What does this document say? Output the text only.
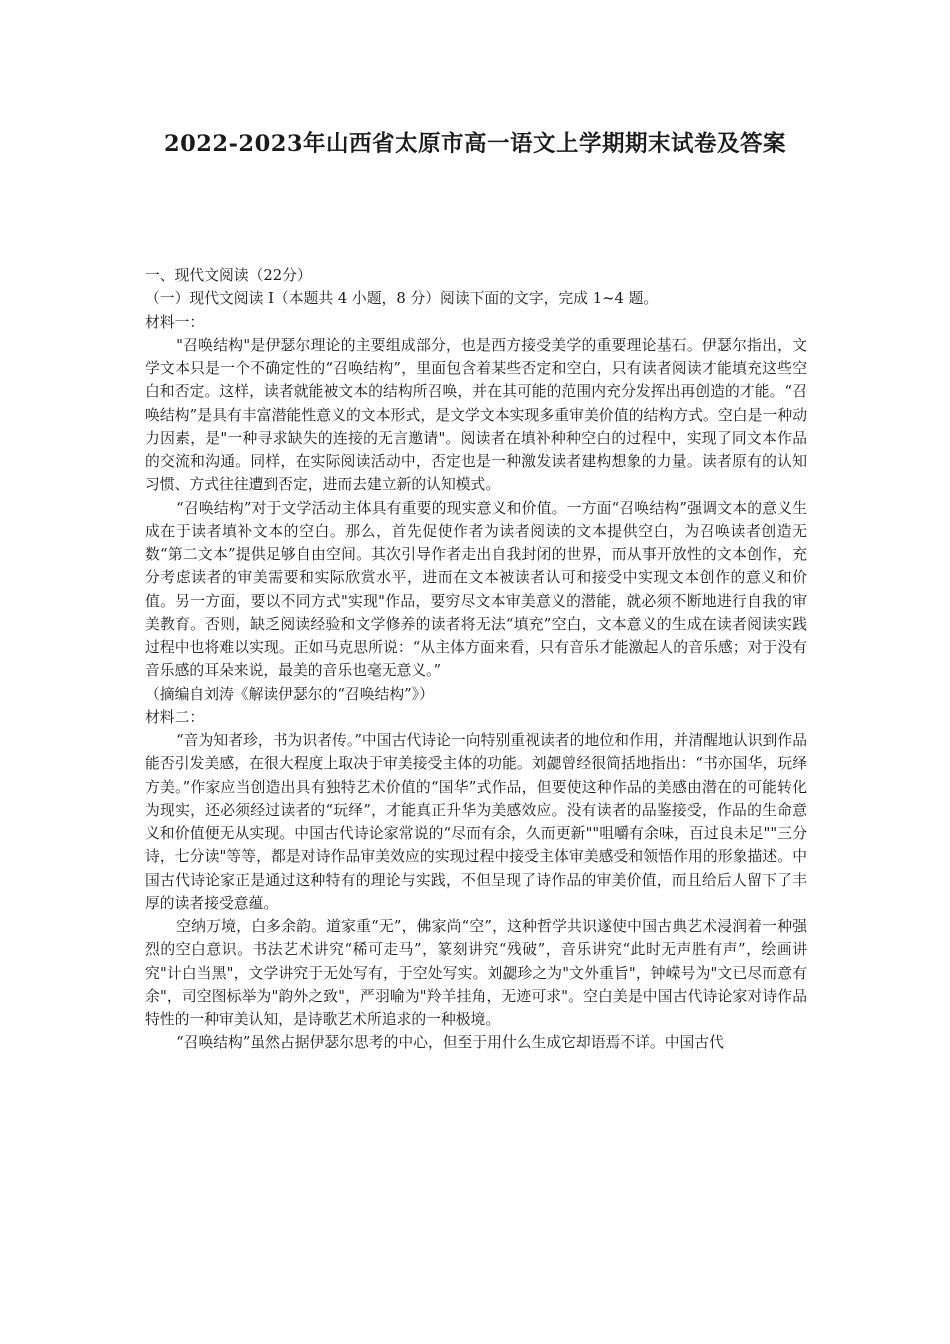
2022-2023年山西省太原市高一语文上学期期末试卷及答案

一、现代文阅读（22分）

（一）现代文阅读 I（本题共 4 小题，8 分）阅读下面的文字，完成 1~4 题。

材料一：

"召唤结构"是伊瑟尔理论的主要组成部分，也是西方接受美学的重要理论基石。伊瑟尔指出，文学文本只是一个不确定性的“召唤结构”，里面包含着某些否定和空白，只有读者阅读才能填充这些空白和否定。这样，读者就能被文本的结构所召唤，并在其可能的范围内充分发挥出再创造的才能。“召唤结构”是具有丰富潜能性意义的文本形式，是文学文本实现多重审美价值的结构方式。空白是一种动力因素，是"一种寻求缺失的连接的无言邀请"。阅读者在填补种种空白的过程中，实现了同文本作品的交流和沟通。同样，在实际阅读活动中，否定也是一种激发读者建构想象的力量。读者原有的认知习惯、方式往往遭到否定，进而去建立新的认知模式。

“召唤结构”对于文学活动主体具有重要的现实意义和价值。一方面“召唤结构”强调文本的意义生成在于读者填补文本的空白。那么，首先促使作者为读者阅读的文本提供空白，为召唤读者创造无数“第二文本”提供足够自由空间。其次引导作者走出自我封闭的世界，而从事开放性的文本创作，充分考虑读者的审美需要和实际欣赏水平，进而在文本被读者认可和接受中实现文本创作的意义和价值。另一方面，要以不同方式"实现"作品，要穷尽文本审美意义的潜能，就必须不断地进行自我的审美教育。否则，缺乏阅读经验和文学修养的读者将无法“填充”空白，文本意义的生成在读者阅读实践过程中也将难以实现。正如马克思所说：“从主体方面来看，只有音乐才能激起人的音乐感；对于没有音乐感的耳朵来说，最美的音乐也毫无意义。”

（摘编自刘涛《解读伊瑟尔的“召唤结构”》）

材料二：

“音为知者珍，书为识者传。”中国古代诗论一向特别重视读者的地位和作用，并清醒地认识到作品能否引发美感，在很大程度上取决于审美接受主体的功能。刘勰曾经很简括地指出：“书亦国华，玩绎方美。”作家应当创造出具有独特艺术价值的“国华”式作品，但要使这种作品的美感由潜在的可能转化为现实，还必须经过读者的“玩绎”，才能真正升华为美感效应。没有读者的品鉴接受，作品的生命意义和价值便无从实现。中国古代诗论家常说的“尽而有余，久而更新""咀嚼有余味，百过良未足""三分诗，七分读"等等，都是对诗作品审美效应的实现过程中接受主体审美感受和领悟作用的形象描述。中国古代诗论家正是通过这种特有的理论与实践，不但呈现了诗作品的审美价值，而且给后人留下了丰厚的读者接受意蕴。

空纳万境，白多余韵。道家重“无”，佛家尚“空”，这种哲学共识遂使中国古典艺术浸润着一种强烈的空白意识。书法艺术讲究“稀可走马”，篆刻讲究“残破”，音乐讲究“此时无声胜有声”，绘画讲究"计白当黑"，文学讲究于无处写有，于空处写实。刘勰珍之为"文外重旨"，钟嵘号为"文已尽而意有余"，司空图标举为"韵外之致"，严羽喻为"羚羊挂角，无迹可求"。空白美是中国古代诗论家对诗作品特性的一种审美认知，是诗歌艺术所追求的一种极境。

“召唤结构”虽然占据伊瑟尔思考的中心，但至于用什么生成它却语焉不详。中国古代
